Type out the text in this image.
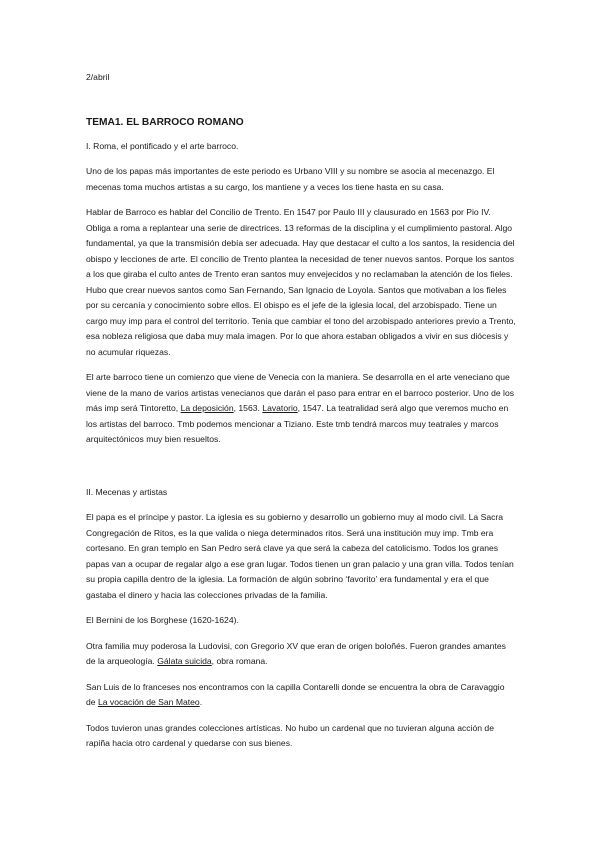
2/abril

TEMA1. EL BARROCO ROMANO

I. Roma, el pontificado y el arte barroco.

Uno de los papas más importantes de este periodo es Urbano VIII y su nombre se asocia al mecenazgo. El mecenas toma muchos artistas a su cargo, los mantiene y a veces los tiene hasta en su casa.

Hablar de Barroco es hablar del Concilio de Trento. En 1547 por Paulo III y clausurado en 1563 por Pio IV. Obliga a roma a replantear una serie de directrices. 13 reformas de la disciplina y el cumplimiento pastoral. Algo fundamental, ya que la transmisión debía ser adecuada. Hay que destacar el culto a los santos, la residencia del obispo y lecciones de arte. El concilio de Trento plantea la necesidad de tener nuevos santos. Porque los santos a los que giraba el culto antes de Trento eran santos muy envejecidos y no reclamaban la atención de los fieles. Hubo que crear nuevos santos como San Fernando, San Ignacio de Loyola. Santos que motivaban a los fieles por su cercanía y conocimiento sobre ellos. El obispo es el jefe de la iglesia local, del arzobispado. Tiene un cargo muy imp para el control del territorio. Tenia que cambiar el tono del arzobispado anteriores previo a Trento, esa nobleza religiosa que daba muy mala imagen. Por lo que ahora estaban obligados a vivir en sus diócesis y no acumular riquezas.

El arte barroco tiene un comienzo que viene de Venecia con la maniera. Se desarrolla en el arte veneciano que viene de la mano de varios artistas venecianos que darán el paso para entrar en el barroco posterior. Uno de los más imp será Tintoretto, La deposición, 1563. Lavatorio, 1547. La teatralidad será algo que veremos mucho en los artistas del barroco. Tmb podemos mencionar a Tiziano. Este tmb tendrá marcos muy teatrales y marcos arquitectónicos muy bien resueltos.

II. Mecenas y artistas

El papa es el príncipe y pastor. La iglesia es su gobierno y desarrollo un gobierno muy al modo civil. La Sacra Congregación de Ritos, es la que valida o niega determinados ritos. Será una institución muy imp. Tmb era cortesano. En gran templo en San Pedro será clave ya que será la cabeza del catolicismo. Todos los granes papas van a ocupar de regalar algo a ese gran lugar. Todos tienen un gran palacio y una gran villa. Todos tenían su propia capilla dentro de la iglesia. La formación de algún sobrino ‘favorito’ era fundamental y era el que gastaba el dinero y hacia las colecciones privadas de la familia.

El Bernini de los Borghese (1620-1624).

Otra familia muy poderosa la Ludovisi, con Gregorio XV que eran de origen boloñés. Fueron grandes amantes de la arqueología. Gálata suicida, obra romana.

San Luis de lo franceses nos encontramos con la capilla Contarelli donde se encuentra la obra de Caravaggio de La vocación de San Mateo.

Todos tuvieron unas grandes colecciones artísticas. No hubo un cardenal que no tuvieran alguna acción de rapiña hacia otro cardenal y quedarse con sus bienes.
